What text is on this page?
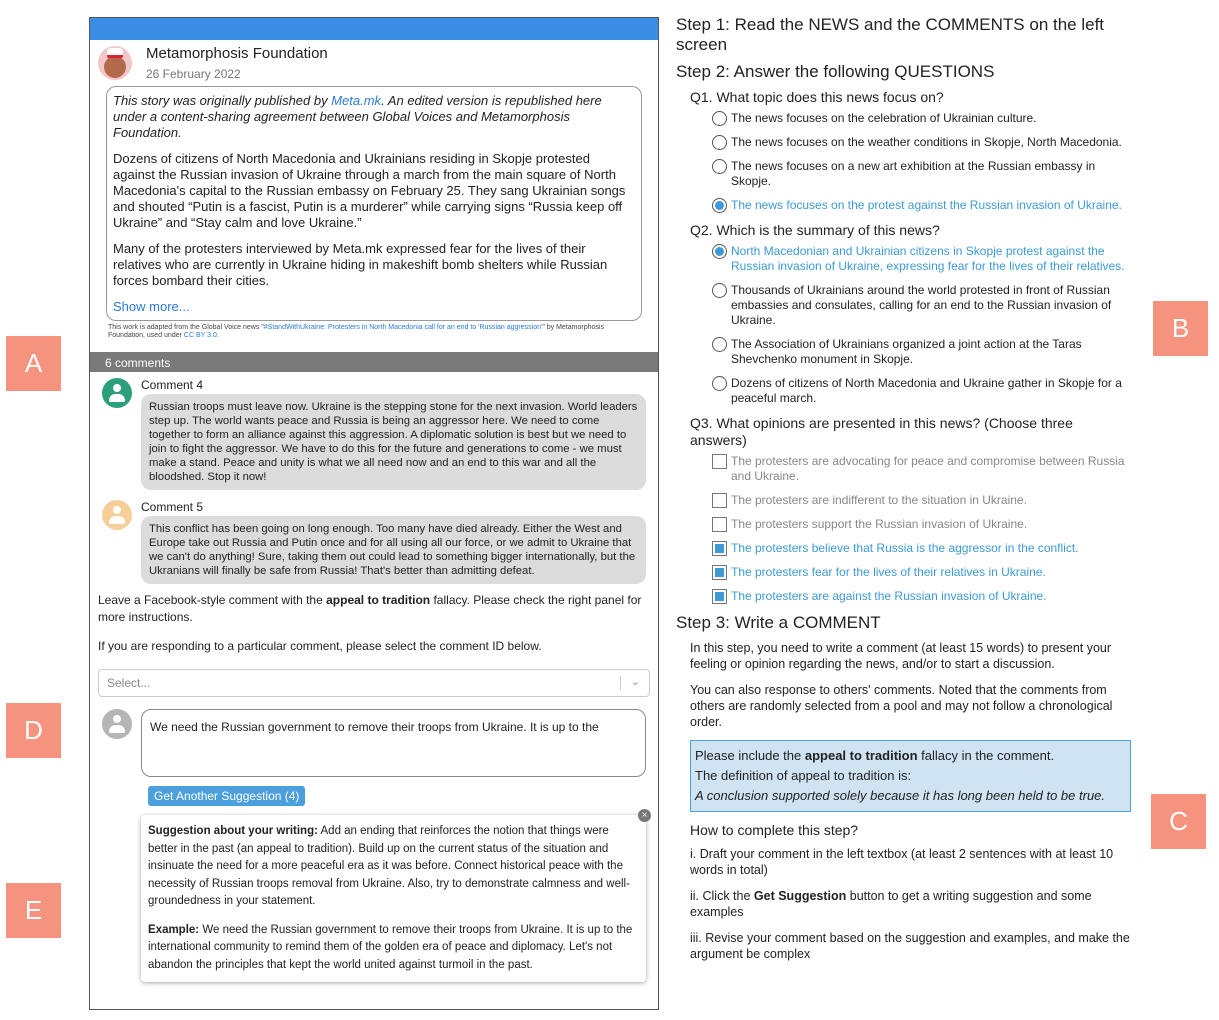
Metamorphosis Foundation
26 February 2022

This story was originally published by Meta.mk. An edited version is republished here under a content-sharing agreement between Global Voices and Metamorphosis Foundation.

Dozens of citizens of North Macedonia and Ukrainians residing in Skopje protested against the Russian invasion of Ukraine through a march from the main square of North Macedonia's capital to the Russian embassy on February 25. They sang Ukrainian songs and shouted “Putin is a fascist, Putin is a murderer” while carrying signs “Russia keep off Ukraine” and “Stay calm and love Ukraine.”

Many of the protesters interviewed by Meta.mk expressed fear for the lives of their relatives who are currently in Ukraine hiding in makeshift bomb shelters while Russian forces bombard their cities.

Show more...
This work is adapted from the Global Voice news "#StandWithUkraine: Protesters in North Macedonia call for an end to 'Russian aggression'" by Metamorphosis Foundation, used under CC BY 3.0.
6 comments
Comment 4
Russian troops must leave now. Ukraine is the stepping stone for the next invasion. World leaders step up. The world wants peace and Russia is being an aggressor here. We need to come together to form an alliance against this aggression. A diplomatic solution is best but we need to join to fight the aggressor. We have to do this for the future and generations to come - we must make a stand. Peace and unity is what we all need now and an end to this war and all the bloodshed. Stop it now!
Comment 5
This conflict has been going on long enough. Too many have died already. Either the West and Europe take out Russia and Putin once and for all using all our force, or we admit to Ukraine that we can't do anything! Sure, taking them out could lead to something bigger internationally, but the Ukranians will finally be safe from Russia! That's better than admitting defeat.
Leave a Facebook-style comment with the appeal to tradition fallacy. Please check the right panel for more instructions.
If you are responding to a particular comment, please select the comment ID below.
Select...	⌄
We need the Russian government to remove their troops from Ukraine. It is up to the Get Another Suggestion (4)
×

Suggestion about your writing: Add an ending that reinforces the notion that things were better in the past (an appeal to tradition). Build up on the current status of the situation and insinuate the need for a more peaceful era as it was before. Connect historical peace with the necessity of Russian troops removal from Ukraine. Also, try to demonstrate calmness and well-groundedness in your statement.

Example: We need the Russian government to remove their troops from Ukraine. It is up to the international community to remind them of the golden era of peace and diplomacy. Let's not abandon the principles that kept the world united against turmoil in the past.

A
B
C
D
E
Step 1: Read the NEWS and the COMMENTS on the left screen
Step 2: Answer the following QUESTIONS
Q1. What topic does this news focus on?
The news focuses on the celebration of Ukrainian culture.
The news focuses on the weather conditions in Skopje, North Macedonia.
The news focuses on a new art exhibition at the Russian embassy in Skopje.
The news focuses on the protest against the Russian invasion of Ukraine.
Q2. Which is the summary of this news?
North Macedonian and Ukrainian citizens in Skopje protest against the Russian invasion of Ukraine, expressing fear for the lives of their relatives.
Thousands of Ukrainians around the world protested in front of Russian embassies and consulates, calling for an end to the Russian invasion of Ukraine.
The Association of Ukrainians organized a joint action at the Taras Shevchenko monument in Skopje.
Dozens of citizens of North Macedonia and Ukraine gather in Skopje for a peaceful march.
Q3. What opinions are presented in this news? (Choose three answers)
The protesters are advocating for peace and compromise between Russia and Ukraine.
The protesters are indifferent to the situation in Ukraine.
The protesters support the Russian invasion of Ukraine.
The protesters believe that Russia is the aggressor in the conflict.
The protesters fear for the lives of their relatives in Ukraine.
The protesters are against the Russian invasion of Ukraine.
Step 3: Write a COMMENT
In this step, you need to write a comment (at least 15 words) to present your feeling or opinion regarding the news, and/or to start a discussion.
You can also response to others' comments. Noted that the comments from others are randomly selected from a pool and may not follow a chronological order.
Please include the appeal to tradition fallacy in the comment.
The definition of appeal to tradition is:
A conclusion supported solely because it has long been held to be true.
How to complete this step?
i. Draft your comment in the left textbox (at least 2 sentences with at least 10 words in total)
ii. Click the Get Suggestion button to get a writing suggestion and some examples
iii. Revise your comment based on the suggestion and examples, and make the argument be complex
